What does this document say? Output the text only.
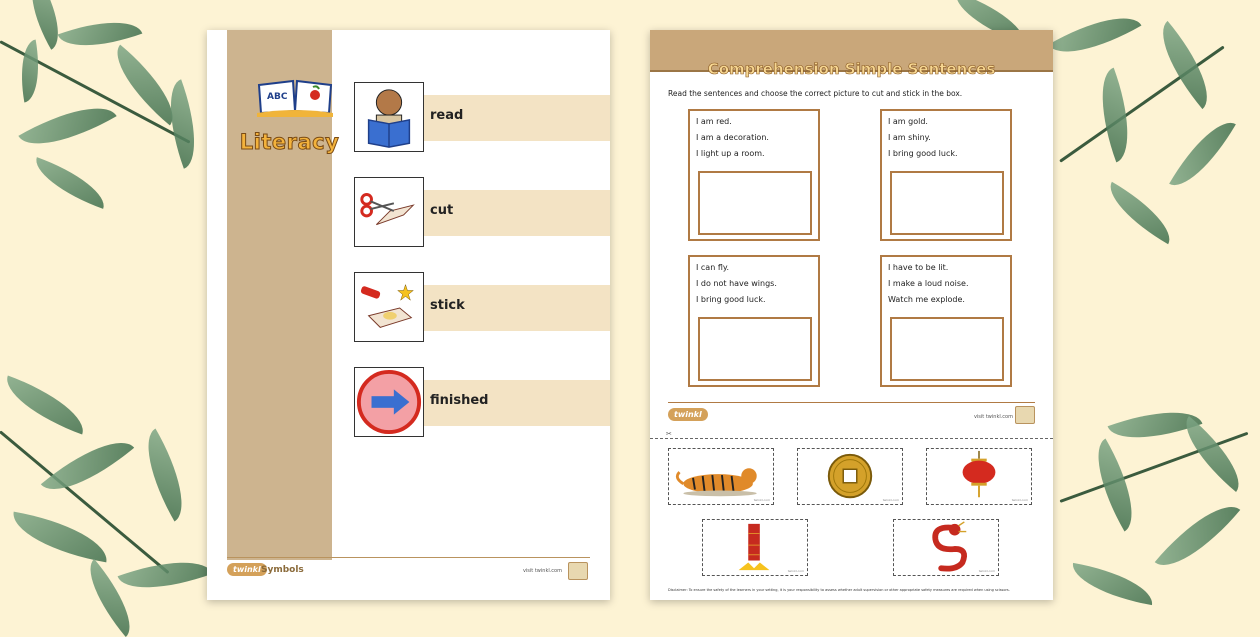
ABC
Literacy
read
cut
stick
finished
twinkl Symbols	visit twinkl.com
Comprehension Simple Sentences
Read the sentences and choose the correct picture to cut and stick in the box.
I am red.
I am a decoration.
I light up a room.
I am gold.
I am shiny.
I bring good luck.
I can fly.
I do not have wings.
I bring good luck.
I have to be lit.
I make a loud noise.
Watch me explode.
twinkl	visit twinkl.com
✂
twinkl.com	twinkl.com	twinkl.com
twinkl.com	twinkl.com
Disclaimer: To ensure the safety of the learners in your setting, it is your responsibility to assess whether adult supervision or other appropriate safety measures are required when using scissors.
